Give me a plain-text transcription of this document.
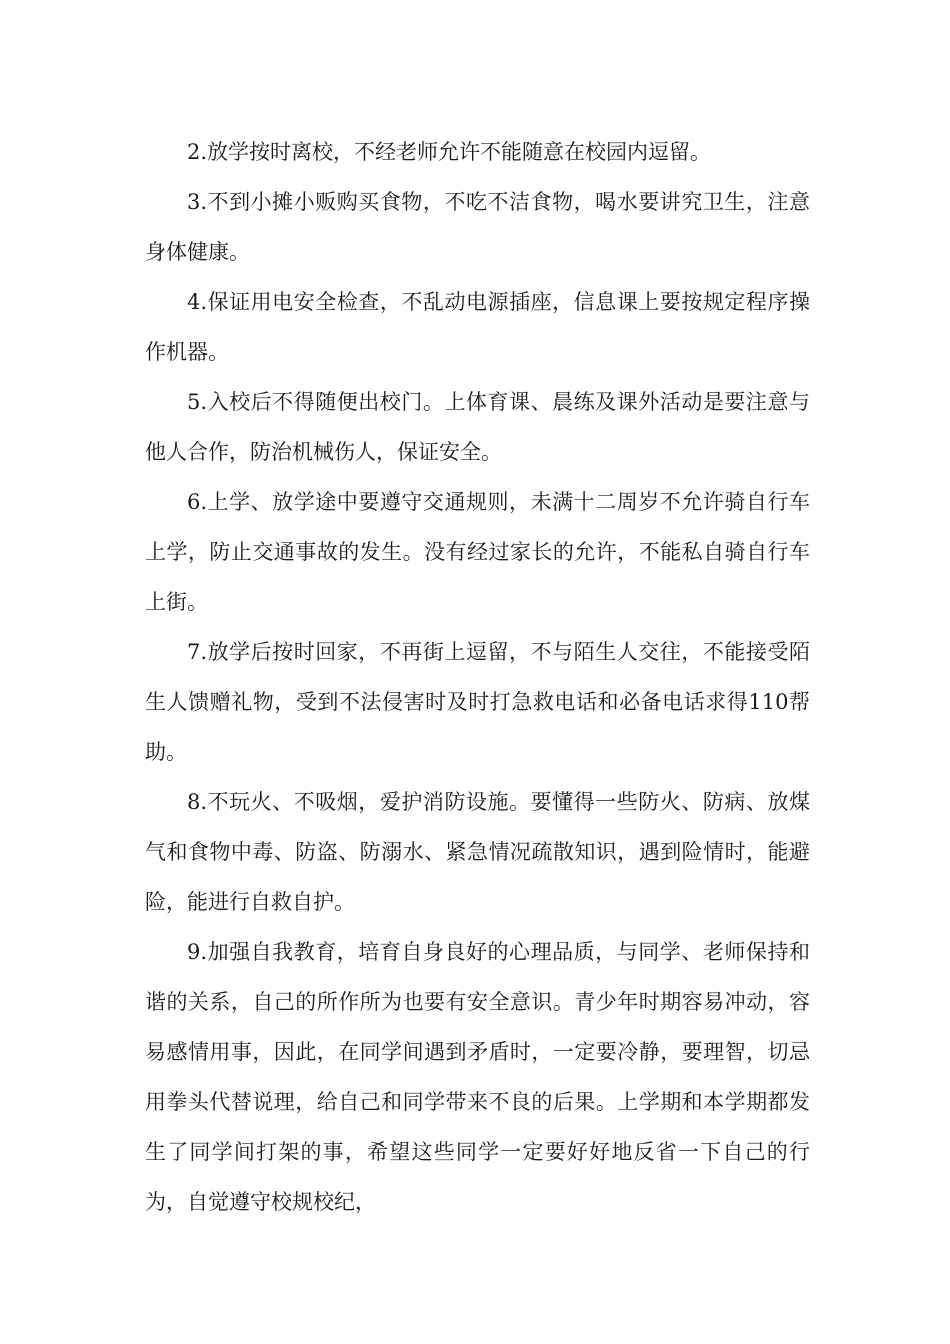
2.放学按时离校，不经老师允许不能随意在校园内逗留。

3.不到小摊小贩购买食物，不吃不洁食物，喝水要讲究卫生，注意身体健康。

4.保证用电安全检查，不乱动电源插座，信息课上要按规定程序操作机器。

5.入校后不得随便出校门。上体育课、晨练及课外活动是要注意与他人合作，防治机械伤人，保证安全。

6.上学、放学途中要遵守交通规则，未满十二周岁不允许骑自行车上学，防止交通事故的发生。没有经过家长的允许，不能私自骑自行车上街。

7.放学后按时回家，不再街上逗留，不与陌生人交往，不能接受陌生人馈赠礼物，受到不法侵害时及时打急救电话和必备电话求得110帮助。

8.不玩火、不吸烟，爱护消防设施。要懂得一些防火、防病、放煤气和食物中毒、防盗、防溺水、紧急情况疏散知识，遇到险情时，能避险，能进行自救自护。

9.加强自我教育，培育自身良好的心理品质，与同学、老师保持和谐的关系，自己的所作所为也要有安全意识。青少年时期容易冲动，容易感情用事，因此，在同学间遇到矛盾时，一定要冷静，要理智，切忌用拳头代替说理，给自己和同学带来不良的后果。上学期和本学期都发生了同学间打架的事，希望这些同学一定要好好地反省一下自己的行为，自觉遵守校规校纪，
